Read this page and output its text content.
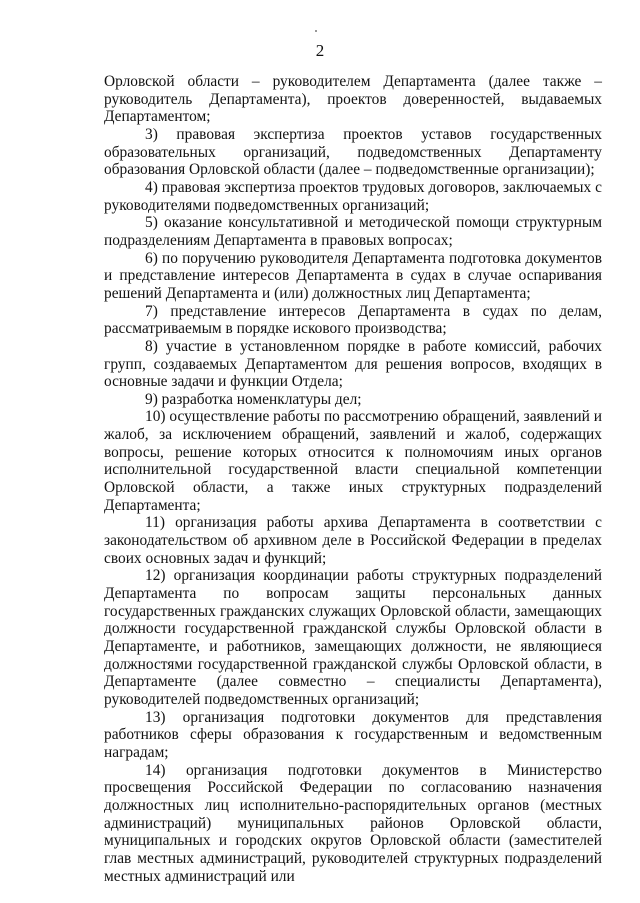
2

Орловской области – руководителем Департамента (далее также – руководитель Департамента), проектов доверенностей, выдаваемых Департаментом;

3) правовая экспертиза проектов уставов государственных образовательных организаций, подведомственных Департаменту образования Орловской области (далее – подведомственные организации);

4) правовая экспертиза проектов трудовых договоров, заключаемых с руководителями подведомственных организаций;

5) оказание консультативной и методической помощи структурным подразделениям Департамента в правовых вопросах;

6) по поручению руководителя Департамента подготовка документов и представление интересов Департамента в судах в случае оспаривания решений Департамента и (или) должностных лиц Департамента;

7) представление интересов Департамента в судах по делам, рассматриваемым в порядке искового производства;

8) участие в установленном порядке в работе комиссий, рабочих групп, создаваемых Департаментом для решения вопросов, входящих в основные задачи и функции Отдела;

9) разработка номенклатуры дел;

10) осуществление работы по рассмотрению обращений, заявлений и жалоб, за исключением обращений, заявлений и жалоб, содержащих вопросы, решение которых относится к полномочиям иных органов исполнительной государственной власти специальной компетенции Орловской области, а также иных структурных подразделений Департамента;

11) организация работы архива Департамента в соответствии с законодательством об архивном деле в Российской Федерации в пределах своих основных задач и функций;

12) организация координации работы структурных подразделений Департамента по вопросам защиты персональных данных государственных гражданских служащих Орловской области, замещающих должности государственной гражданской службы Орловской области в Департаменте, и работников, замещающих должности, не являющиеся должностями государственной гражданской службы Орловской области, в Департаменте (далее совместно – специалисты Департамента), руководителей подведомственных организаций;

13) организация подготовки документов для представления работников сферы образования к государственным и ведомственным наградам;

14) организация подготовки документов в Министерство просвещения Российской Федерации по согласованию назначения должностных лиц исполнительно-распорядительных органов (местных администраций) муниципальных районов Орловской области, муниципальных и городских округов Орловской области (заместителей глав местных администраций, руководителей структурных подразделений местных администраций или
